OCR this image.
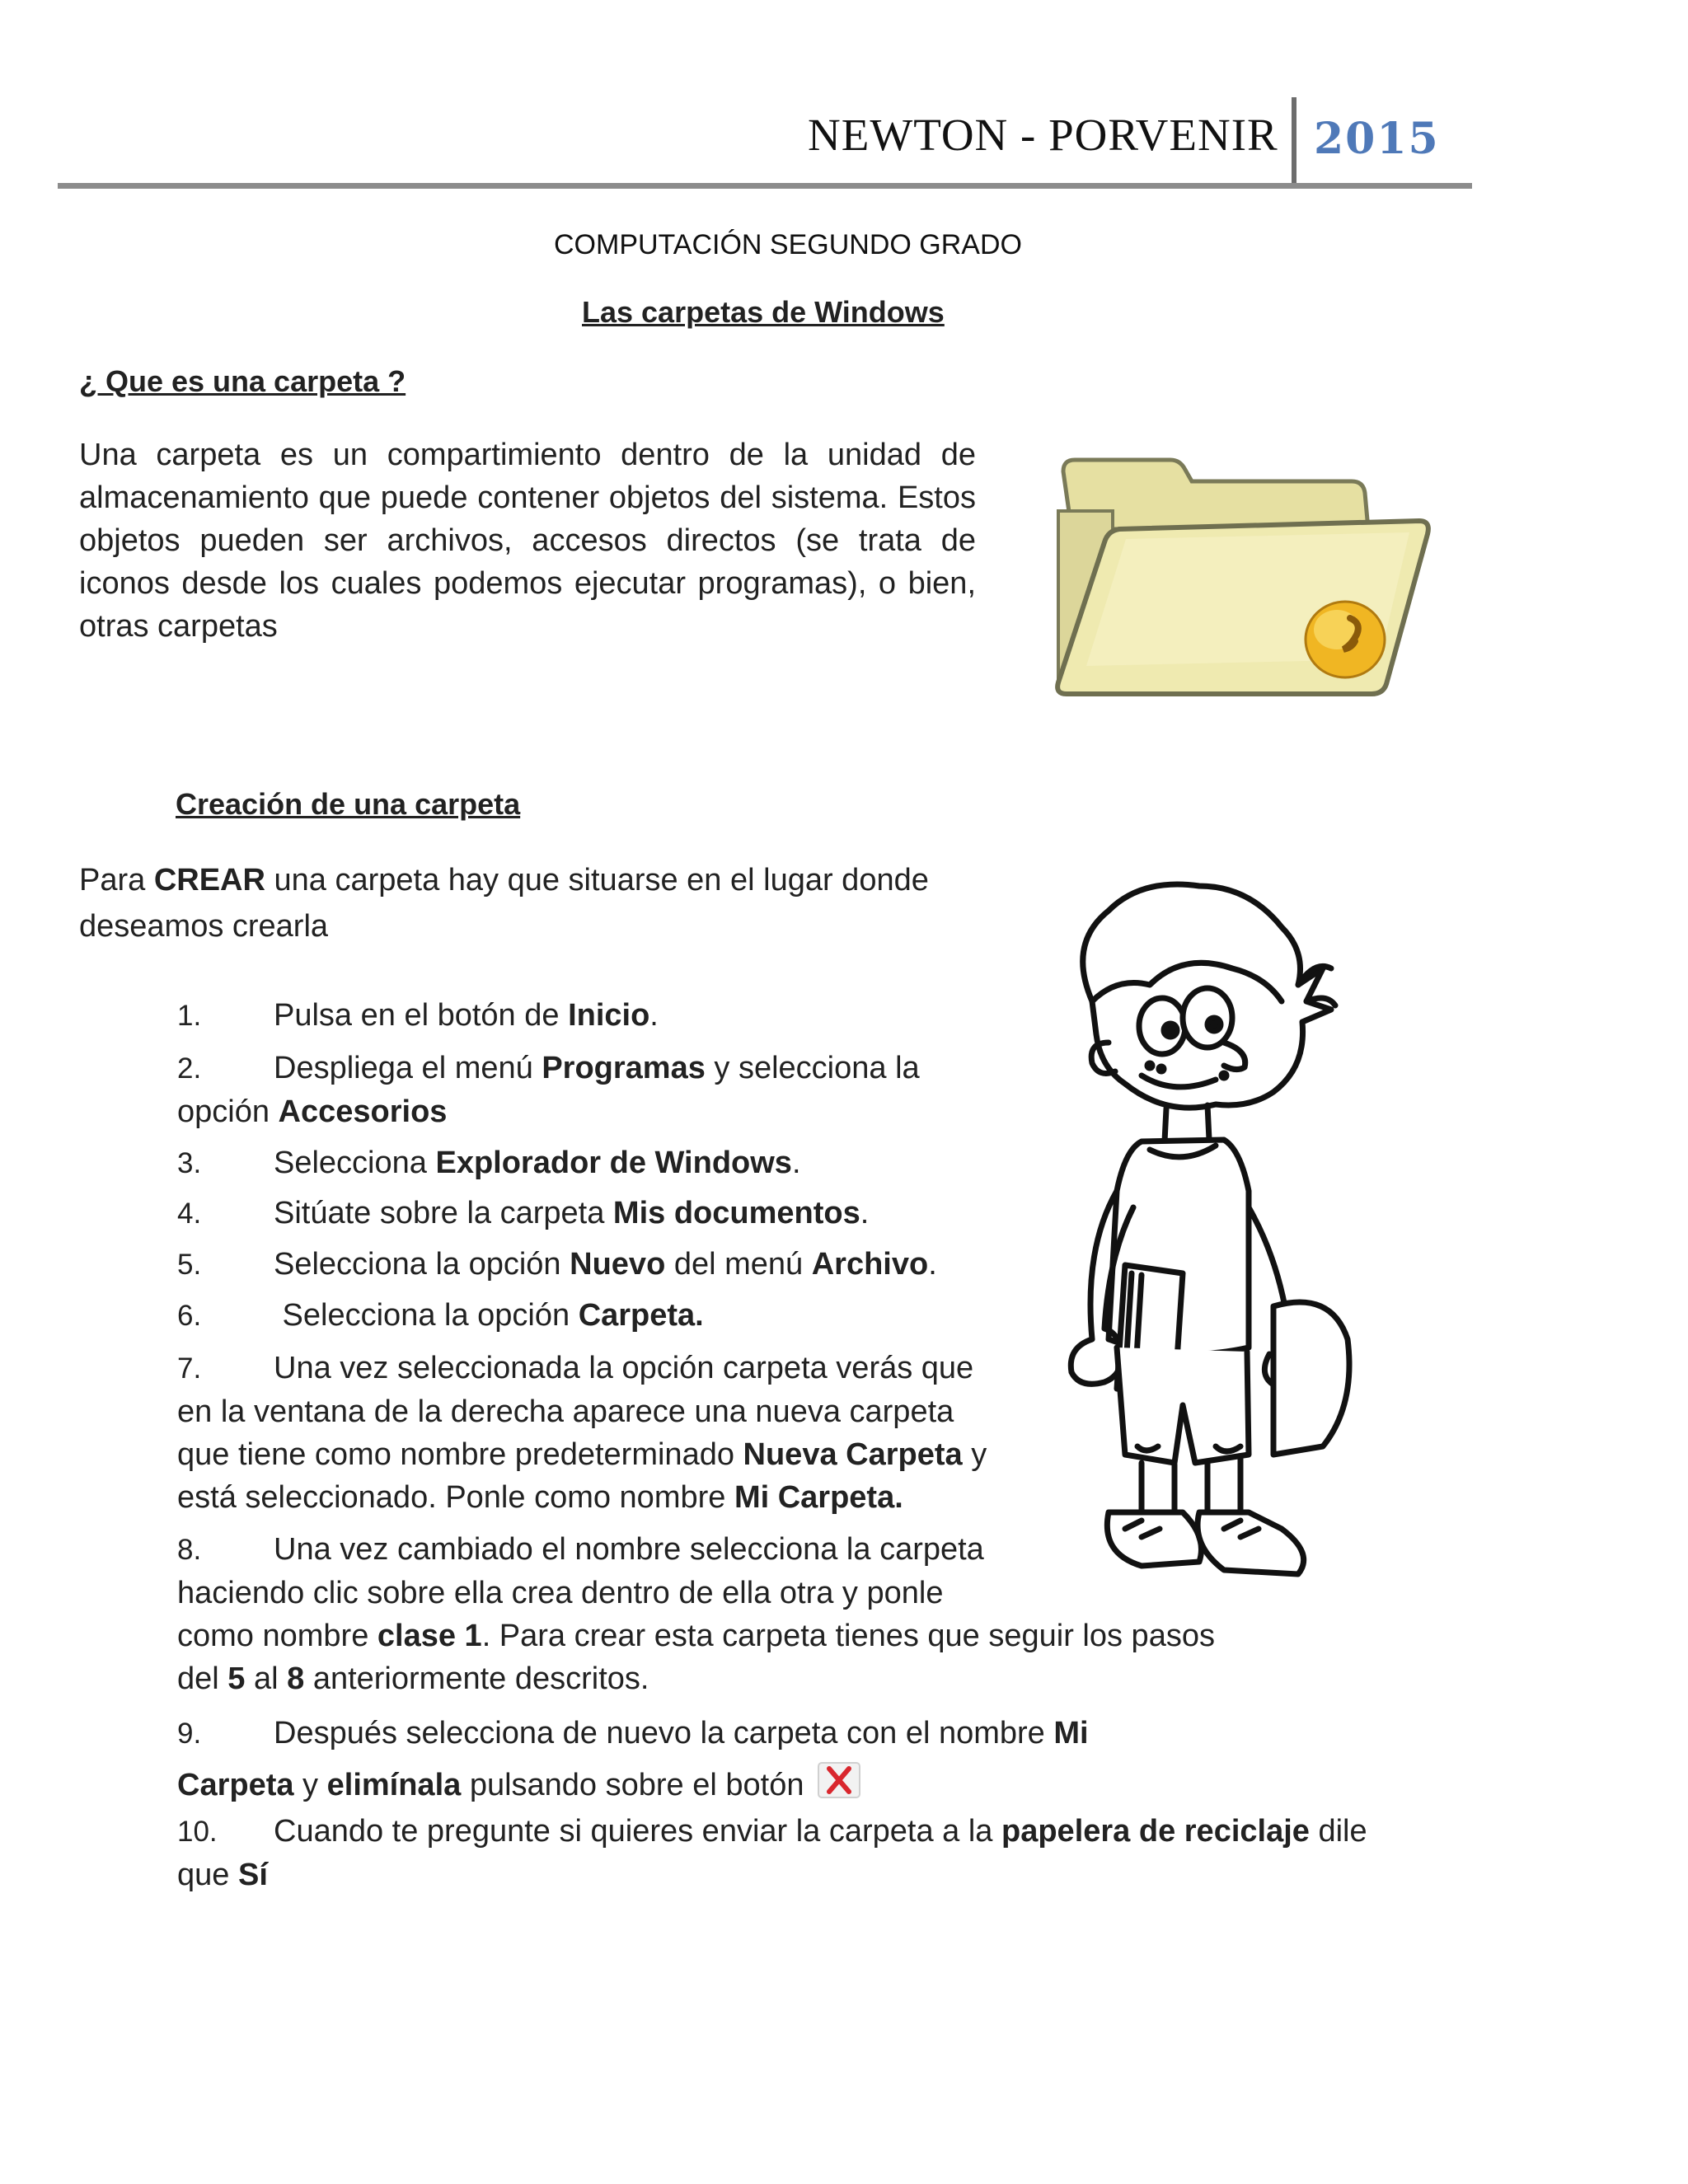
NEWTON - PORVENIR 2015
COMPUTACIÓN SEGUNDO GRADO
Las carpetas de Windows
¿ Que es una carpeta ?
Una carpeta es un compartimiento dentro de la unidad de almacenamiento que puede contener objetos del sistema. Estos objetos pueden ser archivos, accesos directos (se trata de iconos desde los cuales podemos ejecutar programas), o bien, otras carpetas
Creación de una carpeta
Para CREAR una carpeta hay que situarse en el lugar donde deseamos crearla
1. Pulsa en el botón de Inicio.
2. Despliega el menú Programas y selecciona la
opción Accesorios
3. Selecciona Explorador de Windows.
4. Sitúate sobre la carpeta Mis documentos.
5. Selecciona la opción Nuevo del menú Archivo.
6. Selecciona la opción Carpeta.
7. Una vez seleccionada la opción carpeta verás que
en la ventana de la derecha aparece una nueva carpeta
que tiene como nombre predeterminado Nueva Carpeta y
está seleccionado. Ponle como nombre Mi Carpeta.
8. Una vez cambiado el nombre selecciona la carpeta
haciendo clic sobre ella crea dentro de ella otra y ponle
como nombre clase 1. Para crear esta carpeta tienes que seguir los pasos
del 5 al 8 anteriormente descritos.
9. Después selecciona de nuevo la carpeta con el nombre Mi
Carpeta y elimínala pulsando sobre el botón
10. Cuando te pregunte si quieres enviar la carpeta a la papelera de reciclaje dile
que Sí
